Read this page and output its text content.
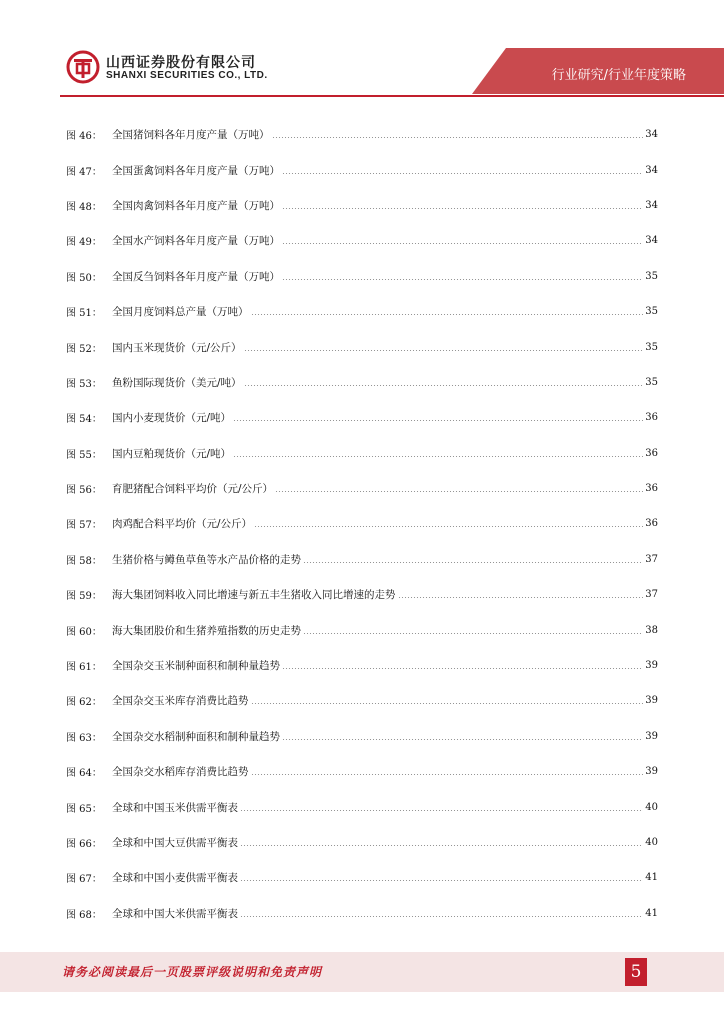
山西证券股份有限公司
SHANXI SECURITIES CO., LTD.	行业研究/行业年度策略
图 46： 全国猪饲料各年月度产量（万吨）	34
图 47： 全国蛋禽饲料各年月度产量（万吨）	34
图 48： 全国肉禽饲料各年月度产量（万吨）	34
图 49： 全国水产饲料各年月度产量（万吨）	34
图 50： 全国反刍饲料各年月度产量（万吨）	35
图 51： 全国月度饲料总产量（万吨）	35
图 52： 国内玉米现货价（元/公斤）	35
图 53： 鱼粉国际现货价（美元/吨）	35
图 54： 国内小麦现货价（元/吨）	36
图 55： 国内豆粕现货价（元/吨）	36
图 56： 育肥猪配合饲料平均价（元/公斤）	36
图 57： 肉鸡配合料平均价（元/公斤）	36
图 58： 生猪价格与鳟鱼草鱼等水产品价格的走势	37
图 59： 海大集团饲料收入同比增速与新五丰生猪收入同比增速的走势	37
图 60： 海大集团股价和生猪养殖指数的历史走势	38
图 61： 全国杂交玉米制种面积和制种量趋势	39
图 62： 全国杂交玉米库存消费比趋势	39
图 63： 全国杂交水稻制种面积和制种量趋势	39
图 64： 全国杂交水稻库存消费比趋势	39
图 65： 全球和中国玉米供需平衡表	40
图 66： 全球和中国大豆供需平衡表	40
图 67： 全球和中国小麦供需平衡表	41
图 68： 全球和中国大米供需平衡表	41
请务必阅读最后一页股票评级说明和免责声明	5
